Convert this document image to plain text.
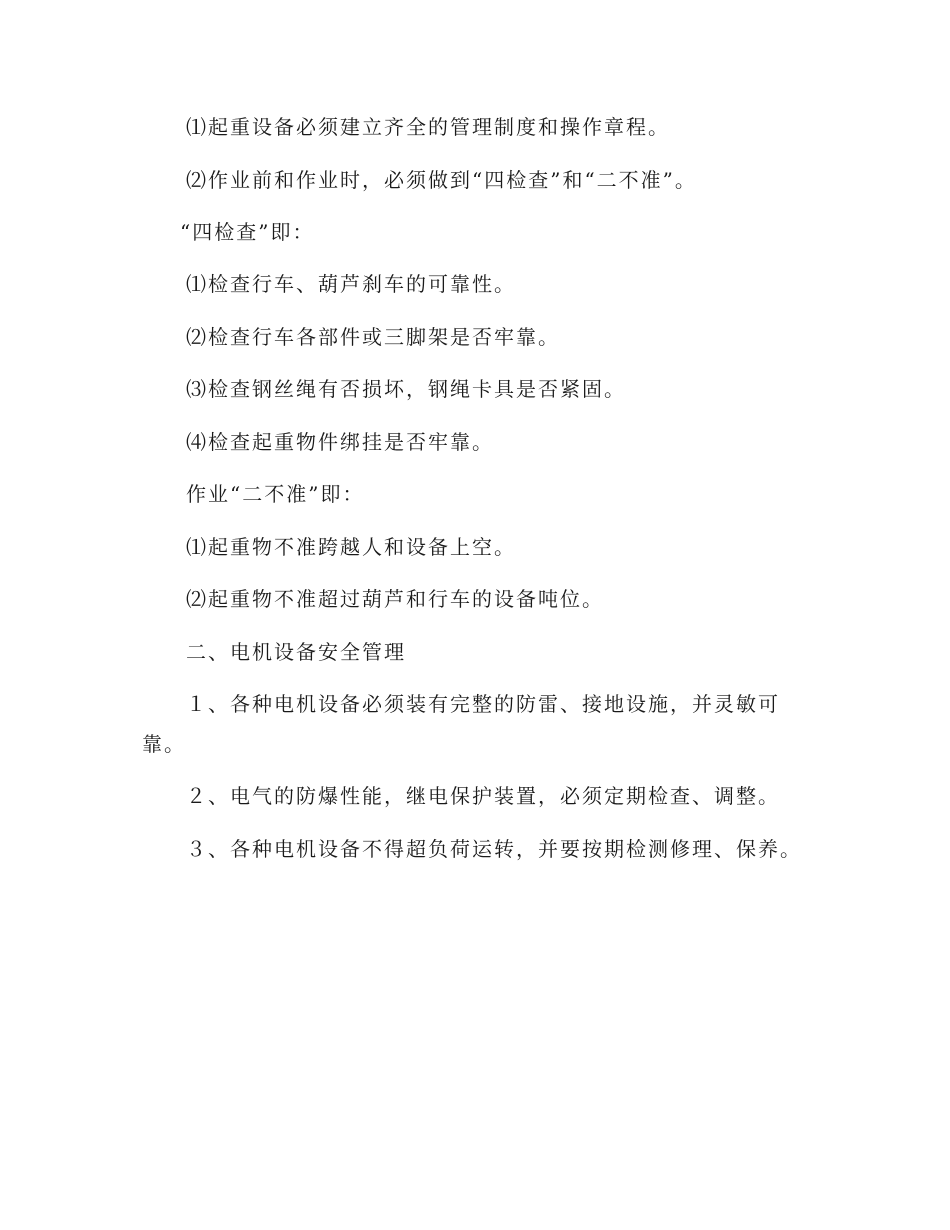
⑴起重设备必须建立齐全的管理制度和操作章程。
⑵作业前和作业时，必须做到“四检查”和“二不准”。
“四检查”即：
⑴检查行车、葫芦刹车的可靠性。
⑵检查行车各部件或三脚架是否牢靠。
⑶检查钢丝绳有否损坏，钢绳卡具是否紧固。
⑷检查起重物件绑挂是否牢靠。
作业“二不准”即：
⑴起重物不准跨越人和设备上空。
⑵起重物不准超过葫芦和行车的设备吨位。
二、电机设备安全管理
１、各种电机设备必须装有完整的防雷、接地设施，并灵敏可
靠。
２、电气的防爆性能，继电保护装置，必须定期检查、调整。
３、各种电机设备不得超负荷运转，并要按期检测修理、保养。
